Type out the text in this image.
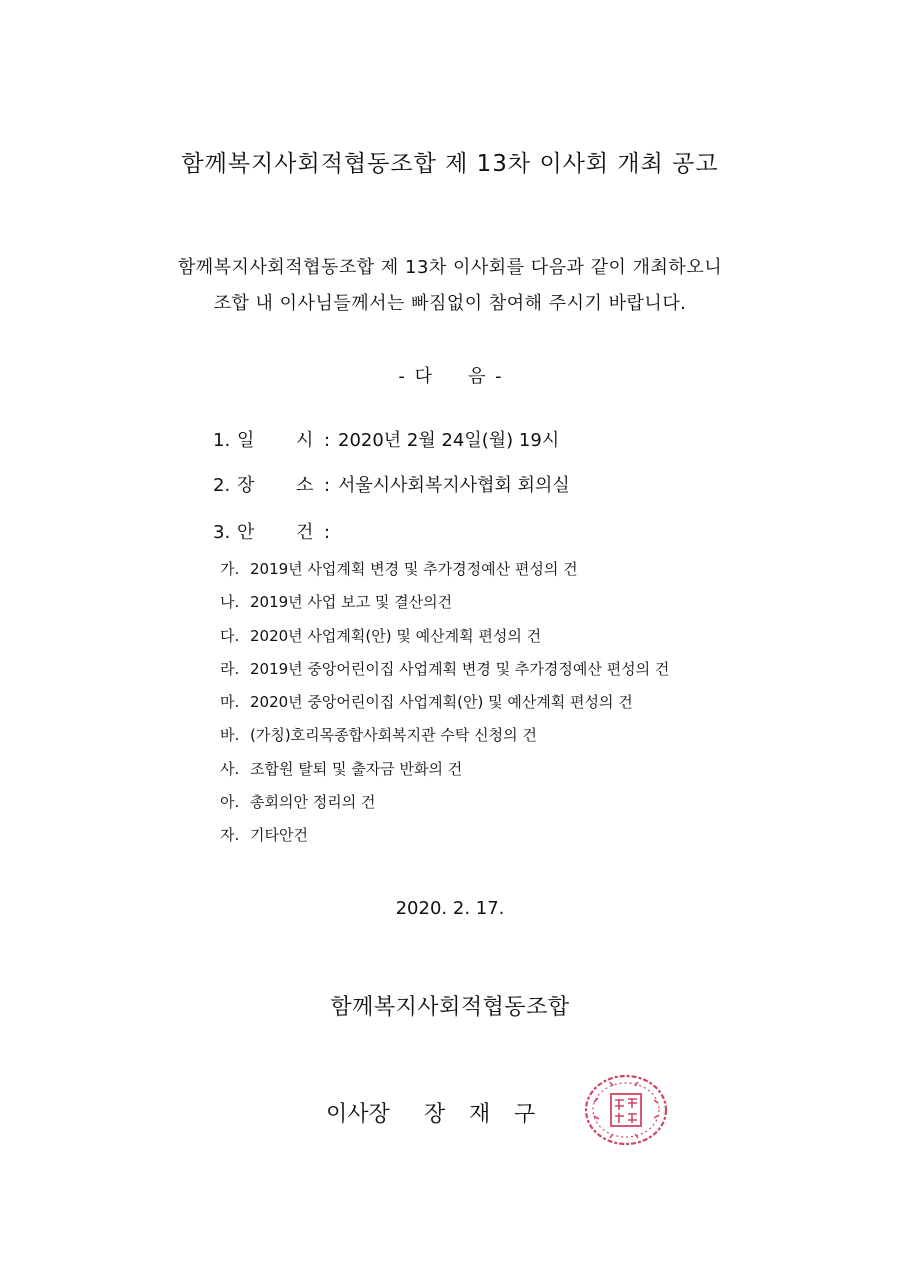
함께복지사회적협동조합 제 13차 이사회 개최 공고
함께복지사회적협동조합 제 13차 이사회를 다음과 같이 개최하오니
조합 내 이사님들께서는 빠짐없이 참여해 주시기 바랍니다.
- 다 음 -
1. 일 시 : 2020년 2월 24일(월) 19시
2. 장 소 : 서울시사회복지사협회 회의실
3. 안 건 :
가. 2019년 사업계획 변경 및 추가경정예산 편성의 건
나. 2019년 사업 보고 및 결산의건
다. 2020년 사업계획(안) 및 예산계획 편성의 건
라. 2019년 중앙어린이집 사업계획 변경 및 추가경정예산 편성의 건
마. 2020년 중앙어린이집 사업계획(안) 및 예산계획 편성의 건
바. (가칭)호리목종합사회복지관 수탁 신청의 건
사. 조합원 탈퇴 및 출자금 반화의 건
아. 총회의안 정리의 건
자. 기타안건
2020. 2. 17.
함께복지사회적협동조합
이사장 장 재 구
